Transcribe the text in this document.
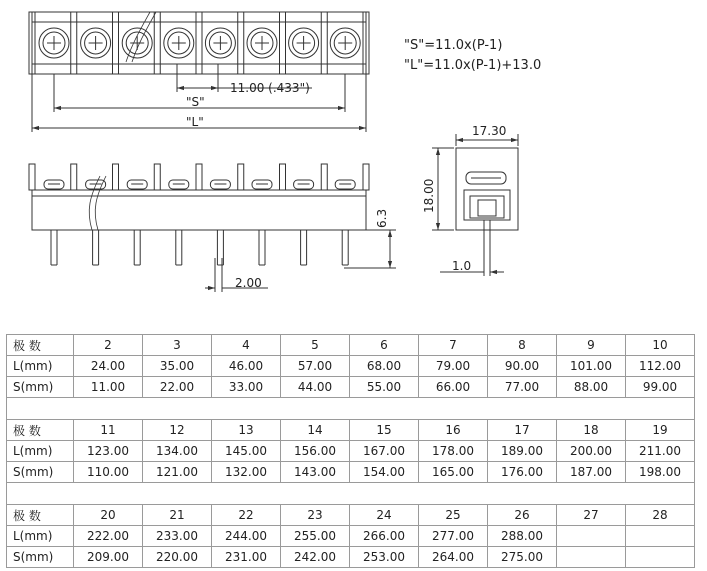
11.00 (.433")
"S"
"L"
2.00
6.3
17.30
18.00
1.0
"S"=11.0x(P-1)
"L"=11.0x(P-1)+13.0
极 数	2	3	4	5	6	7	8	9	10
L(mm)	24.00	35.00	46.00	57.00	68.00	79.00	90.00	101.00	112.00
S(mm)	11.00	22.00	33.00	44.00	55.00	66.00	77.00	88.00	99.00

极 数	11	12	13	14	15	16	17	18	19
L(mm)	123.00	134.00	145.00	156.00	167.00	178.00	189.00	200.00	211.00
S(mm)	110.00	121.00	132.00	143.00	154.00	165.00	176.00	187.00	198.00

极 数	20	21	22	23	24	25	26	27	28
L(mm)	222.00	233.00	244.00	255.00	266.00	277.00	288.00		
S(mm)	209.00	220.00	231.00	242.00	253.00	264.00	275.00		
